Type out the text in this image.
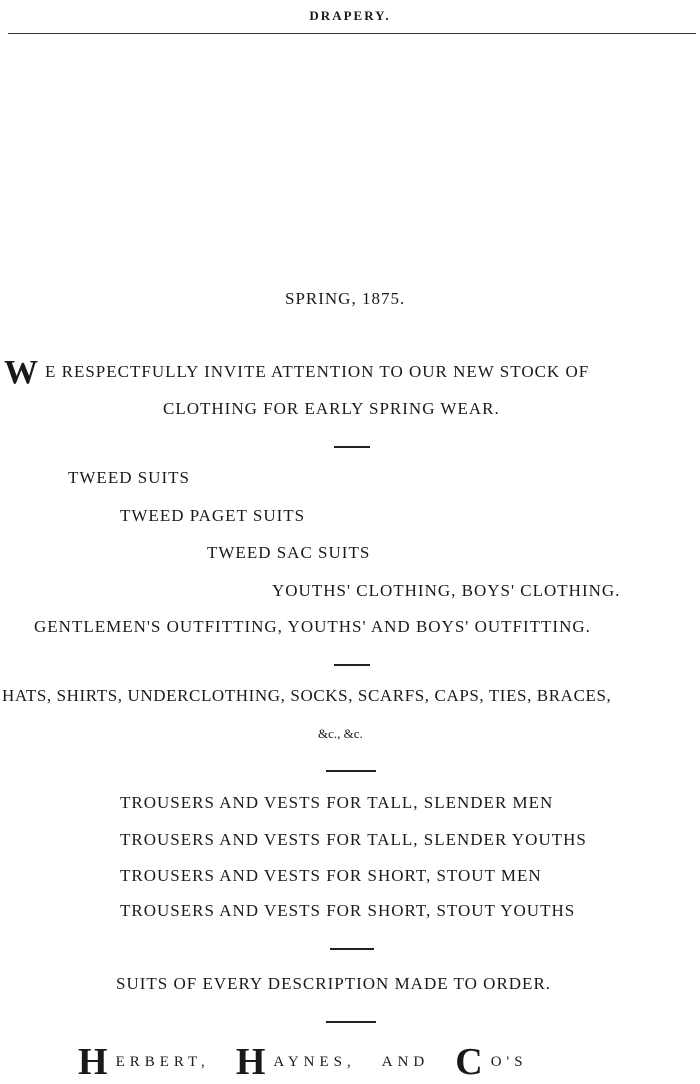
DRAPERY.
SPRING, 1875.
W E RESPECTFULLY INVITE ATTENTION TO OUR NEW STOCK OF
CLOTHING FOR EARLY SPRING WEAR.
TWEED SUITS
TWEED PAGET SUITS
TWEED SAC SUITS
YOUTHS' CLOTHING, BOYS' CLOTHING.
GENTLEMEN'S OUTFITTING, YOUTHS' AND BOYS' OUTFITTING.
HATS, SHIRTS, UNDERCLOTHING, SOCKS, SCARFS, CAPS, TIES, BRACES,
&c., &c.
TROUSERS AND VESTS FOR TALL, SLENDER MEN
TROUSERS AND VESTS FOR TALL, SLENDER YOUTHS
TROUSERS AND VESTS FOR SHORT, STOUT MEN
TROUSERS AND VESTS FOR SHORT, STOUT YOUTHS
SUITS OF EVERY DESCRIPTION MADE TO ORDER.
HERBERT, H AYNES, AND C O'S
